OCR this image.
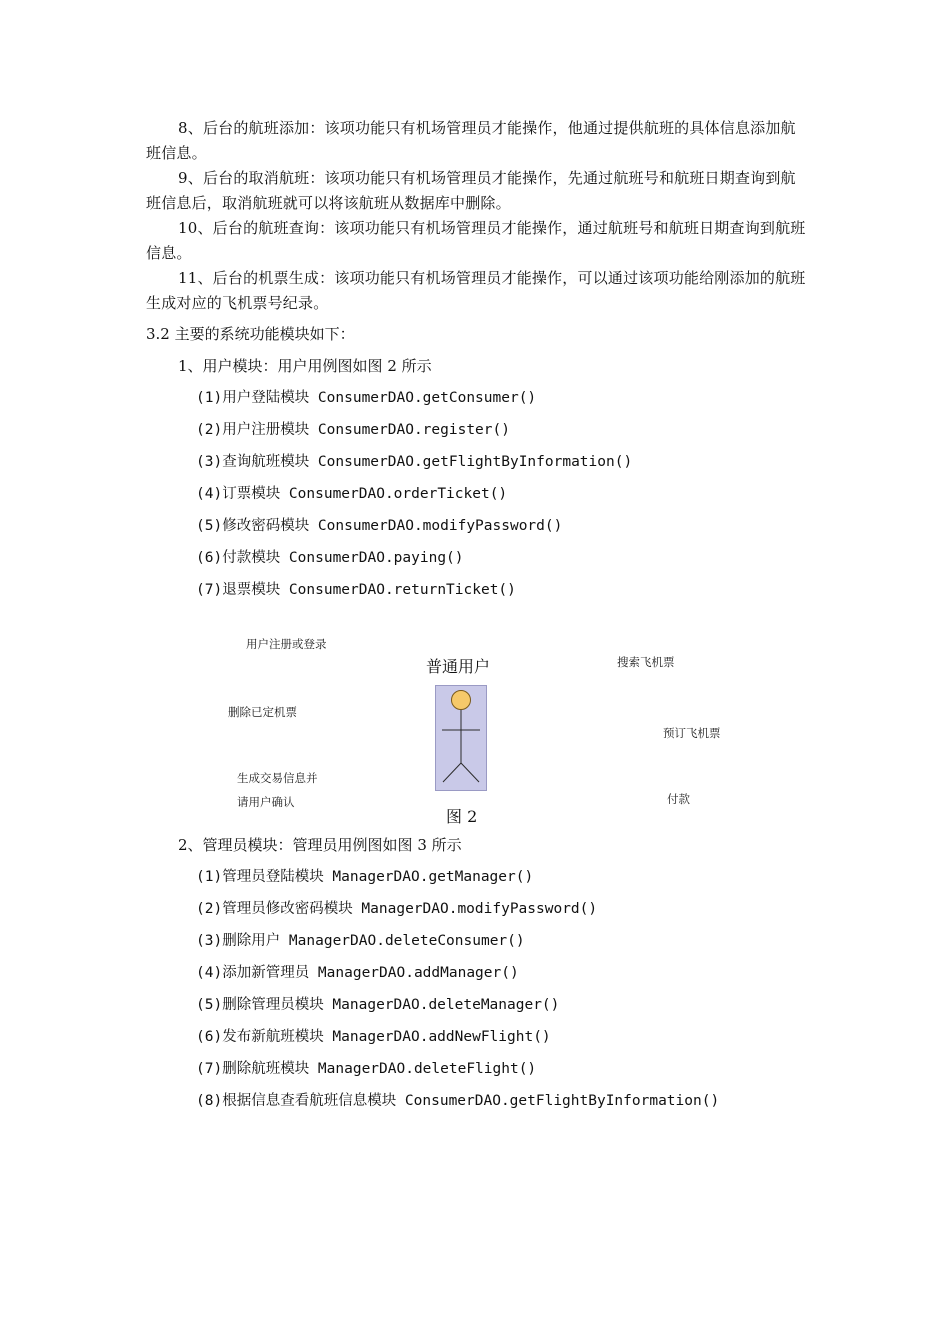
8、后台的航班添加：该项功能只有机场管理员才能操作，他通过提供航班的具体信息添加航班信息。

9、后台的取消航班：该项功能只有机场管理员才能操作，先通过航班号和航班日期查询到航班信息后，取消航班就可以将该航班从数据库中删除。

10、后台的航班查询：该项功能只有机场管理员才能操作，通过航班号和航班日期查询到航班信息。

11、后台的机票生成：该项功能只有机场管理员才能操作，可以通过该项功能给刚添加的航班生成对应的飞机票号纪录。

3.2 主要的系统功能模块如下：

1、用户模块：用户用例图如图 2 所示

(1)用户登陆模块 ConsumerDAO.getConsumer()

(2)用户注册模块 ConsumerDAO.register()

(3)查询航班模块 ConsumerDAO.getFlightByInformation()

(4)订票模块 ConsumerDAO.orderTicket()

(5)修改密码模块 ConsumerDAO.modifyPassword()

(6)付款模块 ConsumerDAO.paying()

(7)退票模块 ConsumerDAO.returnTicket()

用户注册或登录
删除已定机票
生成交易信息并
请用户确认
搜索飞机票
预订飞机票
付款
普通用户
图 2

2、管理员模块：管理员用例图如图 3 所示

(1)管理员登陆模块 ManagerDAO.getManager()

(2)管理员修改密码模块 ManagerDAO.modifyPassword()

(3)删除用户 ManagerDAO.deleteConsumer()

(4)添加新管理员 ManagerDAO.addManager()

(5)删除管理员模块 ManagerDAO.deleteManager()

(6)发布新航班模块 ManagerDAO.addNewFlight()

(7)删除航班模块 ManagerDAO.deleteFlight()

(8)根据信息查看航班信息模块 ConsumerDAO.getFlightByInformation()
